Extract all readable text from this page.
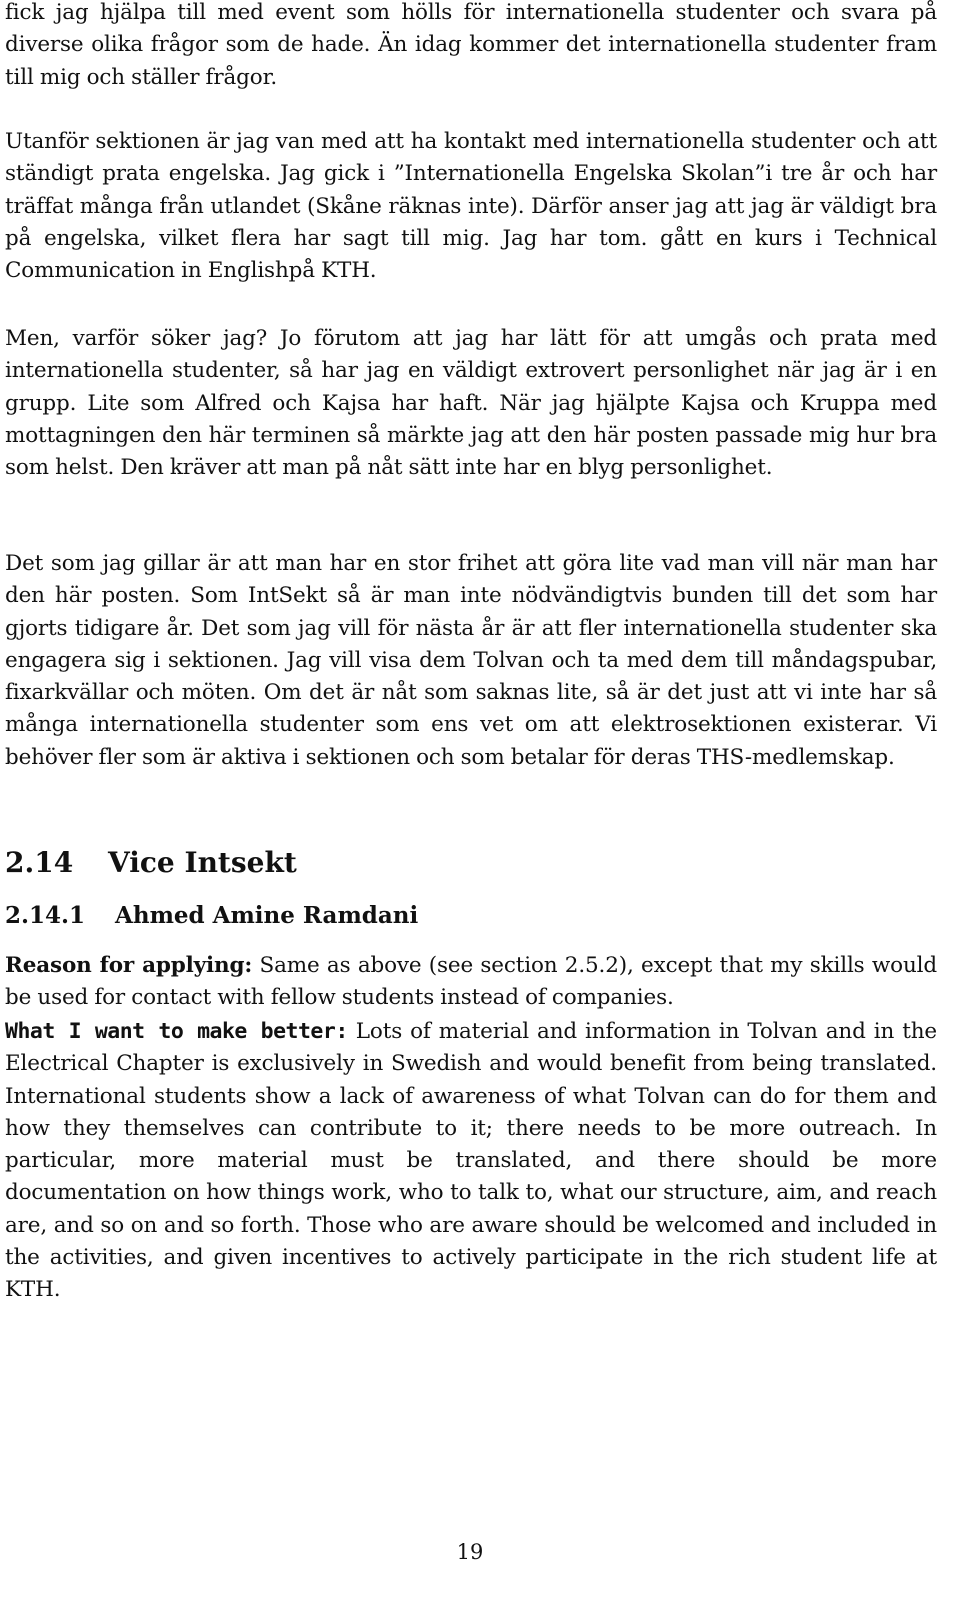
fick jag hjälpa till med event som hölls för internationella studenter och svara på diverse olika frågor som de hade. Än idag kommer det internationella studenter fram till mig och ställer frågor.

Utanför sektionen är jag van med att ha kontakt med internationella studenter och att ständigt prata engelska. Jag gick i ”Internationella Engelska Skolan”i tre år och har träffat många från utlandet (Skåne räknas inte). Därför anser jag att jag är väldigt bra på engelska, vilket flera har sagt till mig. Jag har tom. gått en kurs i Technical Communication in Englishpå KTH.

Men, varför söker jag? Jo förutom att jag har lätt för att umgås och prata med internationella studenter, så har jag en väldigt extrovert personlighet när jag är i en grupp. Lite som Alfred och Kajsa har haft. När jag hjälpte Kajsa och Kruppa med mottagningen den här terminen så märkte jag att den här posten passade mig hur bra som helst. Den kräver att man på nåt sätt inte har en blyg personlighet.

Det som jag gillar är att man har en stor frihet att göra lite vad man vill när man har den här posten. Som IntSekt så är man inte nödvändigtvis bunden till det som har gjorts tidigare år. Det som jag vill för nästa år är att fler internationella studenter ska engagera sig i sektionen. Jag vill visa dem Tolvan och ta med dem till måndagspubar, fixarkvällar och möten. Om det är nåt som saknas lite, så är det just att vi inte har så många internationella studenter som ens vet om att elektrosektionen existerar. Vi behöver fler som är aktiva i sektionen och som betalar för deras THS-medlemskap.

2.14 Vice Intsekt
2.14.1 Ahmed Amine Ramdani

Reason for applying: Same as above (see section 2.5.2), except that my skills would be used for contact with fellow students instead of companies.

What I want to make better: Lots of material and information in Tolvan and in the Electrical Chapter is exclusively in Swedish and would benefit from being translated. International students show a lack of awareness of what Tolvan can do for them and how they themselves can contribute to it; there needs to be more outreach. In particular, more material must be translated, and there should be more documentation on how things work, who to talk to, what our structure, aim, and reach are, and so on and so forth. Those who are aware should be welcomed and included in the activities, and given incentives to actively participate in the rich student life at KTH.

19
